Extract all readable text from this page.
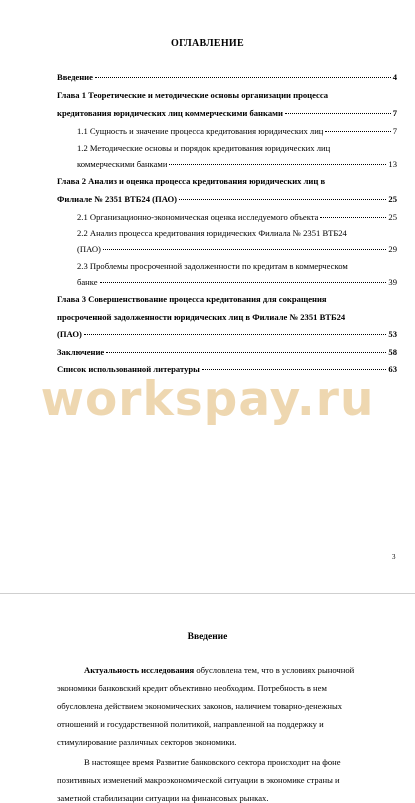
ОГЛАВЛЕНИЕ
Введение	4
Глава 1 Теоретические и методические основы организации процесса
кредитования юридических лиц коммерческими банками	7
1.1 Сущность и значение процесса кредитования юридических лиц	7
1.2 Методические основы и порядок кредитования юридических лиц
коммерческими банками	13
Глава 2 Анализ и оценка процесса кредитования юридических лиц в
Филиале № 2351 ВТБ24 (ПАО)	25
2.1 Организационно-экономическая оценка исследуемого объекта	25
2.2 Анализ процесса кредитования юридических Филиала № 2351 ВТБ24
(ПАО)	29
2.3 Проблемы просроченной задолженности по кредитам в коммерческом
банке	39
Глава 3 Совершенствование процесса кредитования для сокращения
просроченной задолженности юридических лиц в Филиале № 2351 ВТБ24
(ПАО)	53
Заключение	58
Список использованной литературы	63
workspay.ru
3
Введение
Актуальность исследования обусловлена тем, что в условиях рыночной
экономики банковский кредит объективно необходим. Потребность в нем
обусловлена действием экономических законов, наличием товарно-денежных
отношений и государственной политикой, направленной на поддержку и
стимулирование различных секторов экономики.
В настоящее время Развитие банковского сектора происходит на фоне
позитивных изменений макроэкономической ситуации в экономике страны и
заметной стабилизации ситуации на финансовых рынках.
